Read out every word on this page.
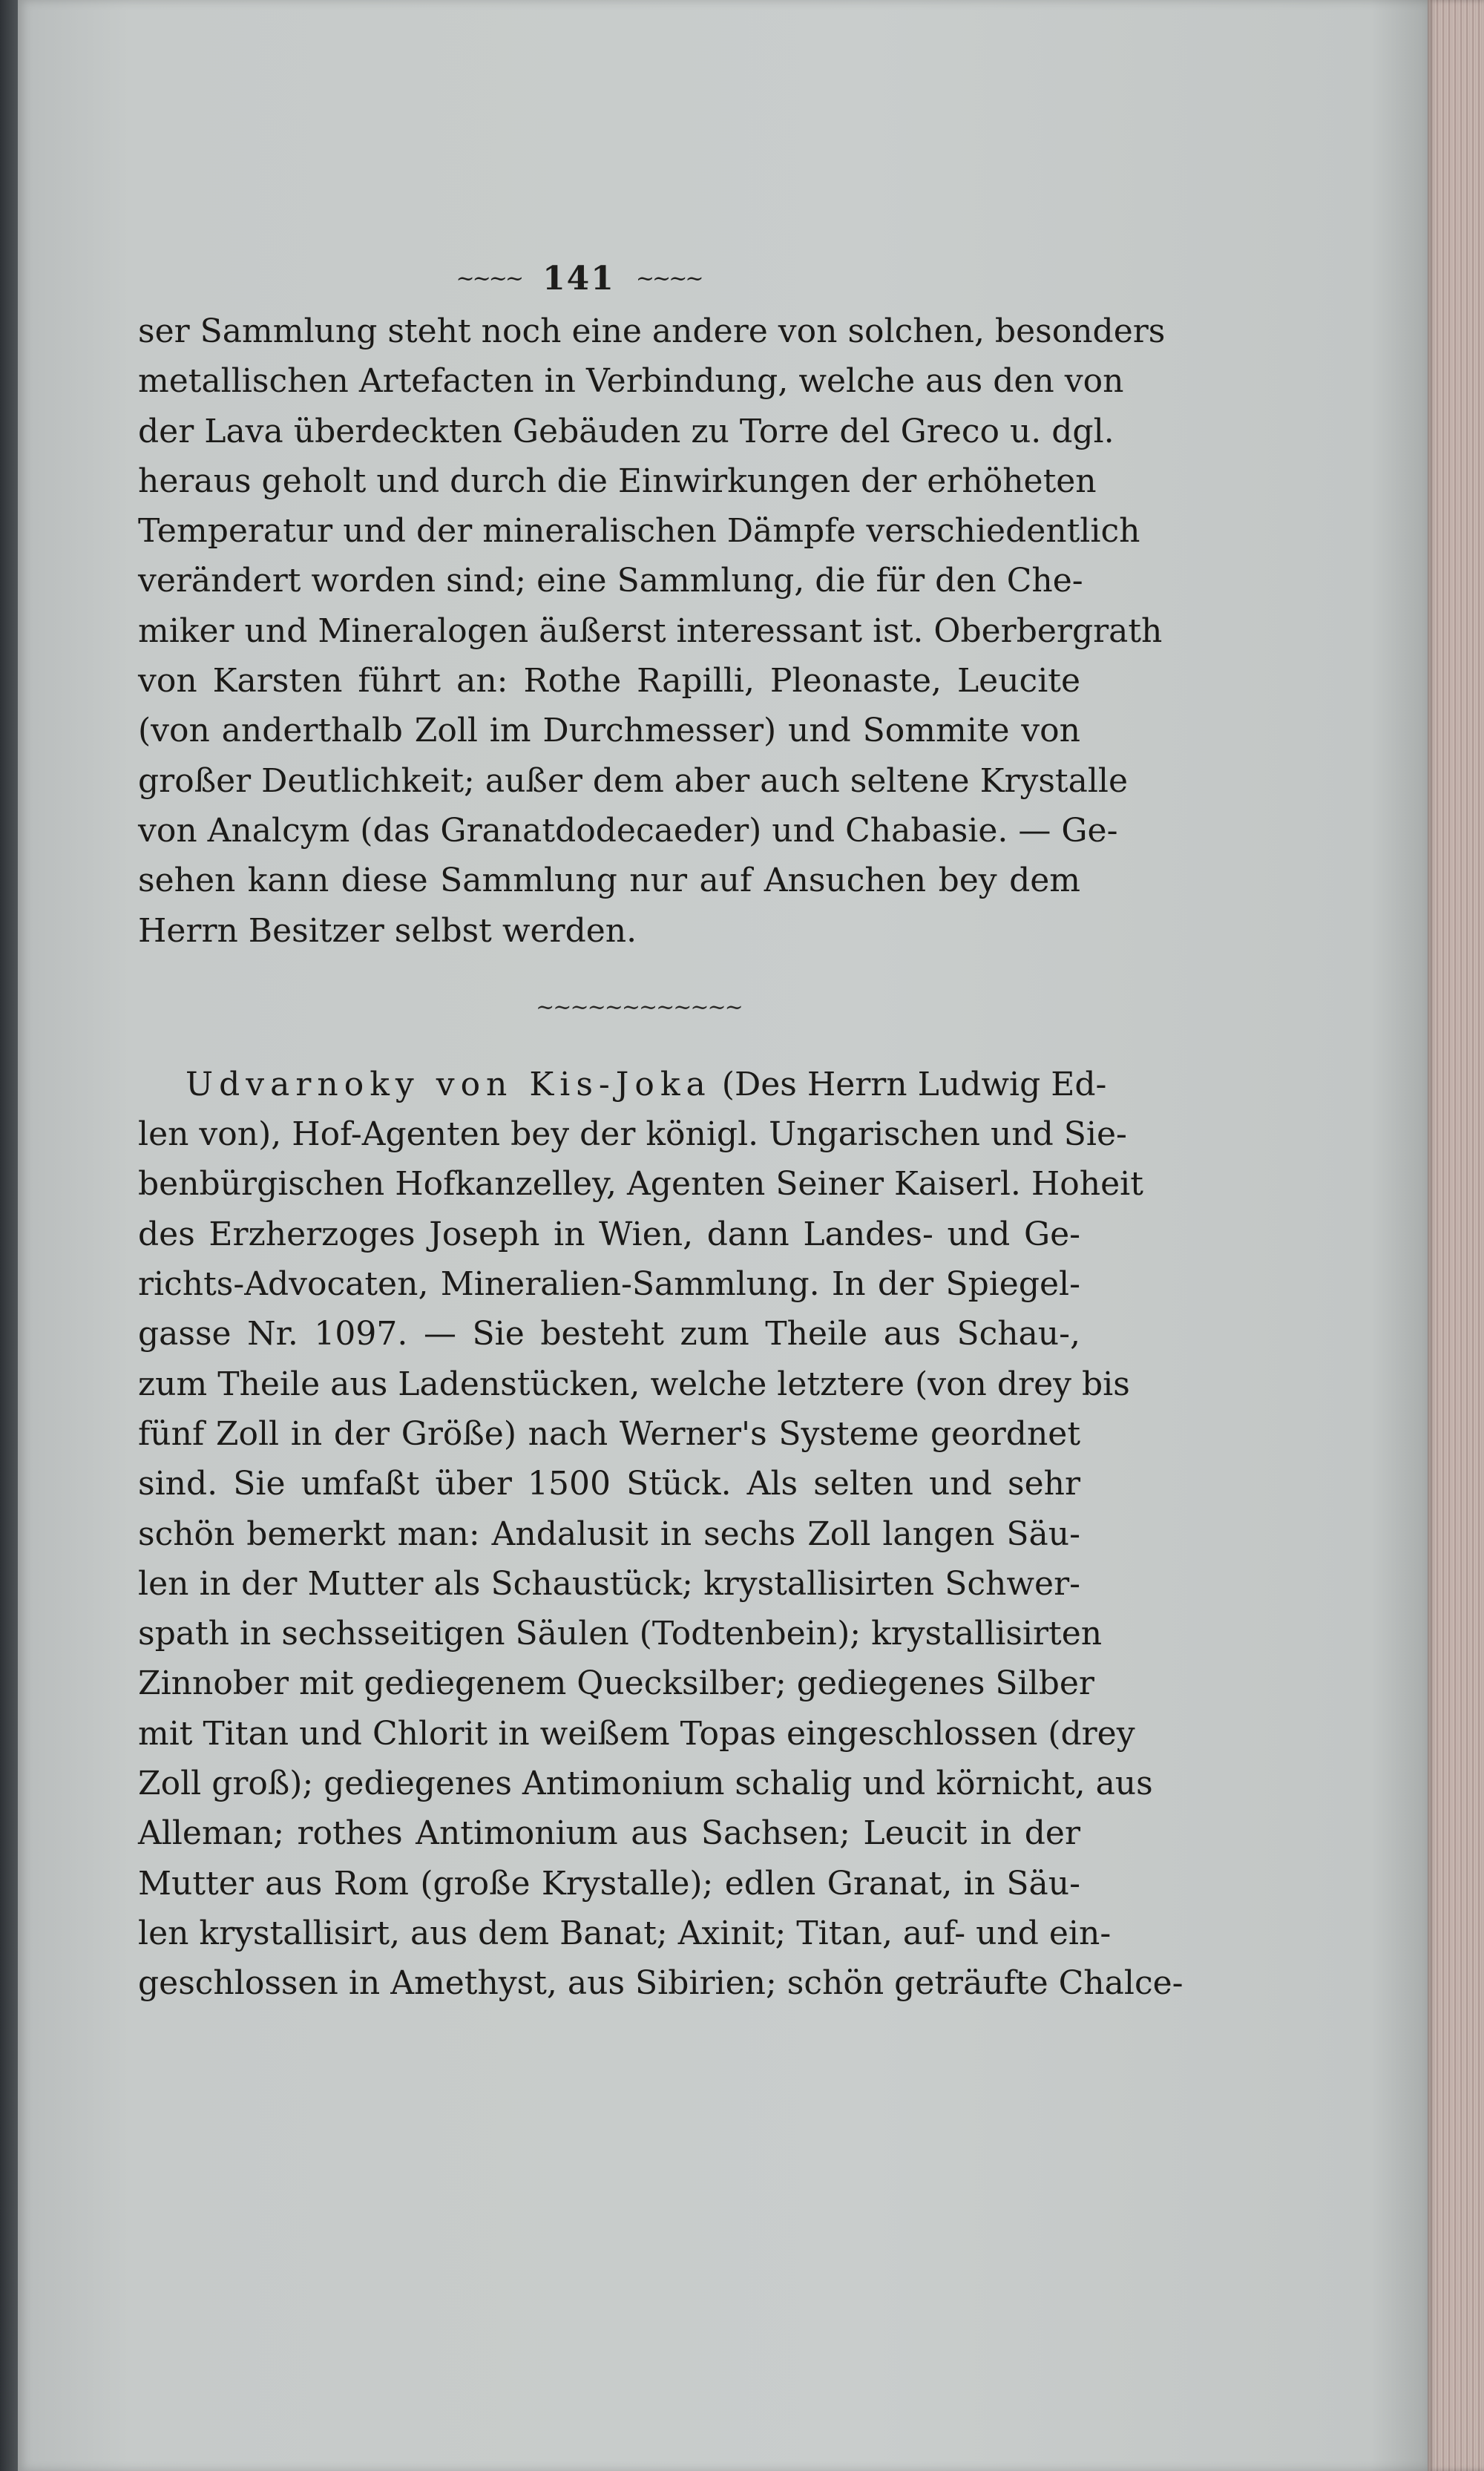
~~~~ 141 ~~~~
ser Sammlung steht noch eine andere von solchen, besonders
metallischen Artefacten in Verbindung, welche aus den von
der Lava überdeckten Gebäuden zu Torre del Greco u. dgl.
heraus geholt und durch die Einwirkungen der erhöheten
Temperatur und der mineralischen Dämpfe verschiedentlich
verändert worden sind; eine Sammlung, die für den Che-
miker und Mineralogen äußerst interessant ist. Oberbergrath
von Karsten führt an: Rothe Rapilli, Pleonaste, Leucite
(von anderthalb Zoll im Durchmesser) und Sommite von
großer Deutlichkeit; außer dem aber auch seltene Krystalle
von Analcym (das Granatdodecaeder) und Chabasie. — Ge-
sehen kann diese Sammlung nur auf Ansuchen bey dem
Herrn Besitzer selbst werden.
~~~~~~~~~~~~
Udvarnoky von Kis-Joka (Des Herrn Ludwig Ed-
len von), Hof-Agenten bey der königl. Ungarischen und Sie-
benbürgischen Hofkanzelley, Agenten Seiner Kaiserl. Hoheit
des Erzherzoges Joseph in Wien, dann Landes- und Ge-
richts-Advocaten, Mineralien-Sammlung. In der Spiegel-
gasse Nr. 1097. — Sie besteht zum Theile aus Schau-,
zum Theile aus Ladenstücken, welche letztere (von drey bis
fünf Zoll in der Größe) nach Werner's Systeme geordnet
sind. Sie umfaßt über 1500 Stück. Als selten und sehr
schön bemerkt man: Andalusit in sechs Zoll langen Säu-
len in der Mutter als Schaustück; krystallisirten Schwer-
spath in sechsseitigen Säulen (Todtenbein); krystallisirten
Zinnober mit gediegenem Quecksilber; gediegenes Silber
mit Titan und Chlorit in weißem Topas eingeschlossen (drey
Zoll groß); gediegenes Antimonium schalig und körnicht, aus
Alleman; rothes Antimonium aus Sachsen; Leucit in der
Mutter aus Rom (große Krystalle); edlen Granat, in Säu-
len krystallisirt, aus dem Banat; Axinit; Titan, auf- und ein-
geschlossen in Amethyst, aus Sibirien; schön geträufte Chalce-
